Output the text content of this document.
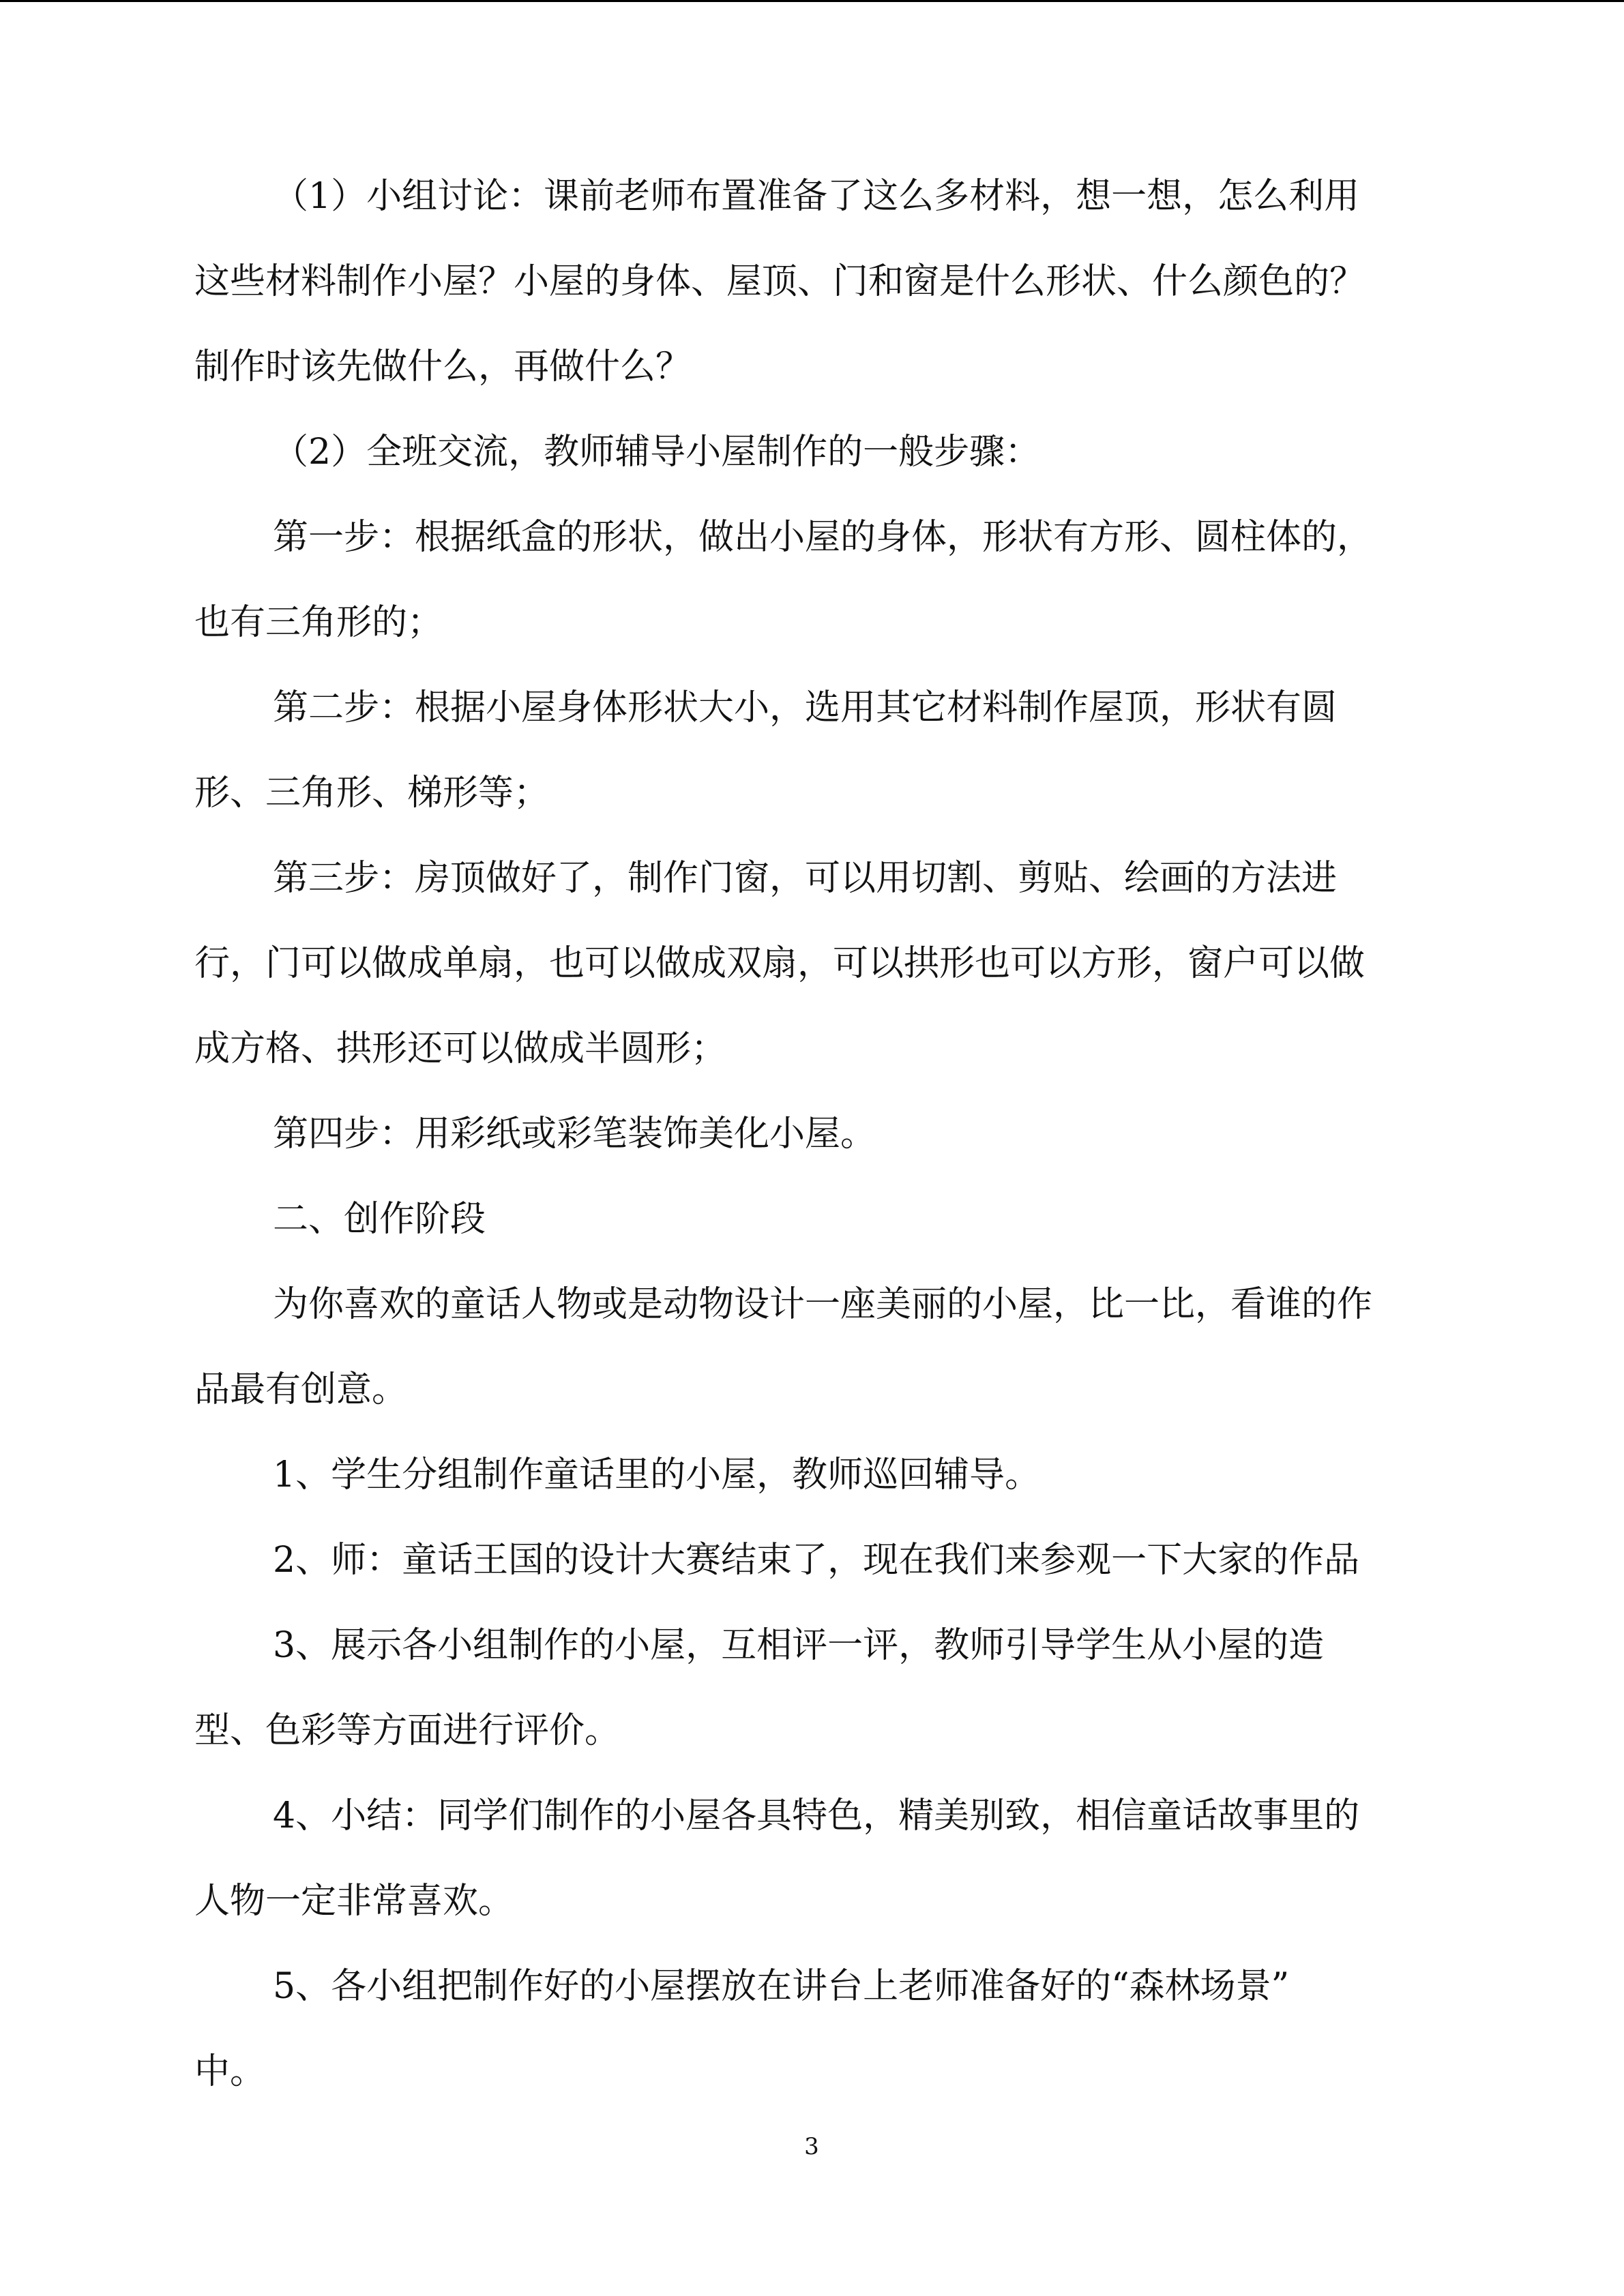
（1）小组讨论：课前老师布置准备了这么多材料，想一想，怎么利用

这些材料制作小屋？小屋的身体、屋顶、门和窗是什么形状、什么颜色的？

制作时该先做什么，再做什么？

（2）全班交流，教师辅导小屋制作的一般步骤：

第一步：根据纸盒的形状，做出小屋的身体，形状有方形、圆柱体的，

也有三角形的；

第二步：根据小屋身体形状大小，选用其它材料制作屋顶，形状有圆

形、三角形、梯形等；

第三步：房顶做好了，制作门窗，可以用切割、剪贴、绘画的方法进

行，门可以做成单扇，也可以做成双扇，可以拱形也可以方形，窗户可以做

成方格、拱形还可以做成半圆形；

第四步：用彩纸或彩笔装饰美化小屋。

二、创作阶段

为你喜欢的童话人物或是动物设计一座美丽的小屋，比一比，看谁的作

品最有创意。

1、学生分组制作童话里的小屋，教师巡回辅导。

2、师：童话王国的设计大赛结束了，现在我们来参观一下大家的作品

3、展示各小组制作的小屋，互相评一评，教师引导学生从小屋的造

型、色彩等方面进行评价。

4、小结：同学们制作的小屋各具特色，精美别致，相信童话故事里的

人物一定非常喜欢。

5、各小组把制作好的小屋摆放在讲台上老师准备好的“森林场景”

中。

3
